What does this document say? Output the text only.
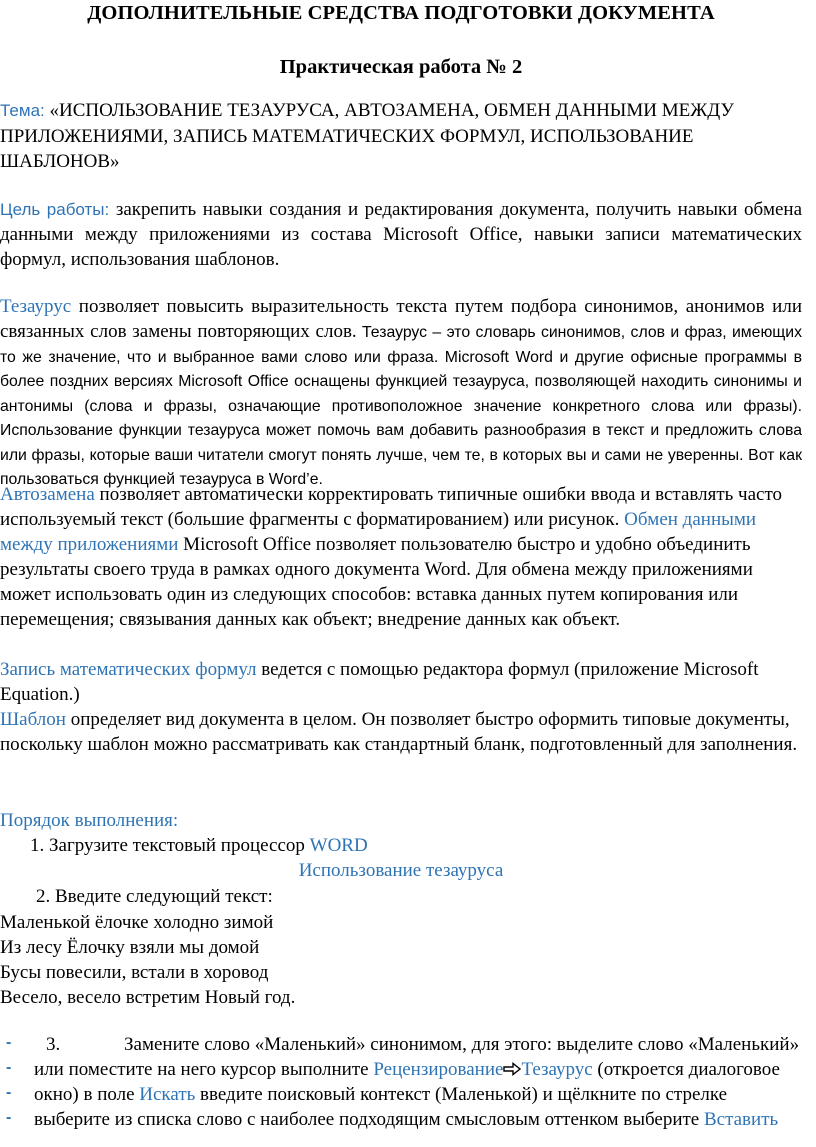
ДОПОЛНИТЕЛЬНЫЕ СРЕДСТВА ПОДГОТОВКИ ДОКУМЕНТА

Практическая работа № 2

Тема: «ИСПОЛЬЗОВАНИЕ ТЕЗАУРУСА, АВТОЗАМЕНА, ОБМЕН ДАННЫМИ МЕЖДУ ПРИЛОЖЕНИЯМИ, ЗАПИСЬ МАТЕМАТИЧЕСКИХ ФОРМУЛ, ИСПОЛЬЗОВАНИЕ ШАБЛОНОВ»

Цель работы: закрепить навыки создания и редактирования документа, получить навыки обмена данными между приложениями из состава Microsoft Office, навыки записи математических формул, использования шаблонов.

Тезаурус позволяет повысить выразительность текста путем подбора синонимов, анонимов или связанных слов замены повторяющих слов. Тезаурус – это словарь синонимов, слов и фраз, имеющих то же значение, что и выбранное вами слово или фраза. Microsoft Word и другие офисные программы в более поздних версиях Microsoft Office оснащены функцией тезауруса, позволяющей находить синонимы и антонимы (слова и фразы, означающие противоположное значение конкретного слова или фразы). Использование функции тезауруса может помочь вам добавить разнообразия в текст и предложить слова или фразы, которые ваши читатели смогут понять лучше, чем те, в которых вы и сами не уверенны. Вот как пользоваться функцией тезауруса в Word’е.

Автозамена позволяет автоматически корректировать типичные ошибки ввода и вставлять часто используемый текст (большие фрагменты с форматированием) или рисунок. Обмен данными между приложениями Microsoft Office позволяет пользователю быстро и удобно объединить результаты своего труда в рамках одного документа Word. Для обмена между приложениями может использовать один из следующих способов: вставка данных путем копирования или перемещения; связывания данных как объект; внедрение данных как объект.

Запись математических формул ведется с помощью редактора формул (приложение Microsoft Equation.)

Шаблон определяет вид документа в целом. Он позволяет быстро оформить типовые документы, поскольку шаблон можно рассматривать как стандартный бланк, подготовленный для заполнения.

Порядок выполнения:

1. Загрузите текстовый процессор WORD

Использование тезауруса

2. Введите следующий текст:

Маленькой ёлочке холодно зимой
Из лесу Ёлочку взяли мы домой
Бусы повесили, встали в хоровод
Весело, весело встретим Новый год.
-
-
-
-

3.	Замените слово «Маленький» синонимом, для этого: выделите слово «Маленький» или поместите на него курсор выполните Рецензирование Тезаурус (откроется диалоговое окно) в поле Искать введите поисковый контекст (Маленькой) и щёлкните по стрелке выберите из списка слово с наиболее подходящим смысловым оттенком выберите Вставить
